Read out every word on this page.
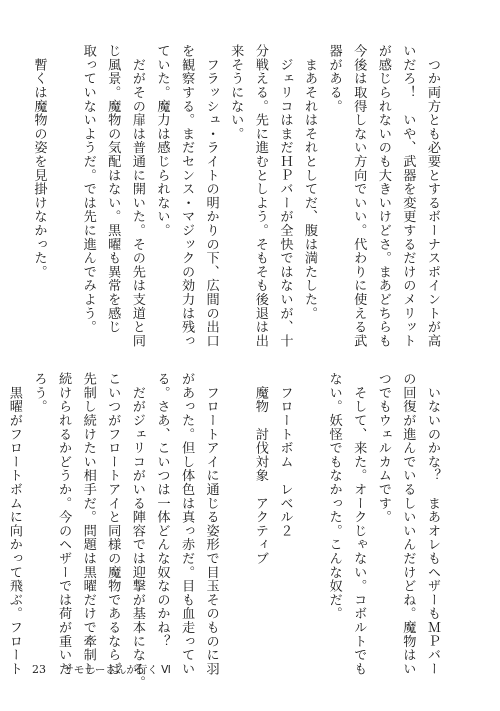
　つか両方とも必要とするボーナスポイントが高
いだろ！　いや、武器を変更するだけのメリット
が感じられないのも大きいけどさ。まあどちらも
今後は取得しない方向でいい。代わりに使える武
器がある。
　まあそれはそれとしてだ、腹は満たした。
　ジェリコはまだＨＰバーが全快ではないが、十
分戦える。先に進むとしよう。そもそも後退は出
来そうにない。
　フラッシュ・ライトの明かりの下、広間の出口
を観察する。まだセンス・マジックの効力は残っ
ていた。魔力は感じられない。
　だがその扉は普通に開いた。その先は支道と同
じ風景。魔物の気配はない。黒曜も異常を感じ
取っていないようだ。では先に進んでみよう。
　暫くは魔物の姿を見掛けなかった。
　いないのかな？　まあオレもヘザーもＭＰバー
の回復が進んでいるしいいんだけどね。魔物はい
つでもウェルカムです。
　そして、来た。オークじゃない。コボルトでも
ない。妖怪でもなかった。こんな奴だ。
　フロートボム　レベル２
　魔物　討伐対象　アクティブ
　フロートアイに通じる姿形で目玉そのものに羽
があった。但し体色は真っ赤だ。目も血走ってい
る。さあ、こいつは一体どんな奴なのかね？
　だがジェリコがいる陣容では迎撃が基本になる。
こいつがフロートアイと同様の魔物であるならば
先制し続けたい相手だ。問題は黒曜だけで牽制し
続けられるかどうか。今のヘザーでは荷が重いだ
ろう。
　黒曜がフロートボムに向かって飛ぶ。フロート 23 サモナーさんが行く Ⅵ
